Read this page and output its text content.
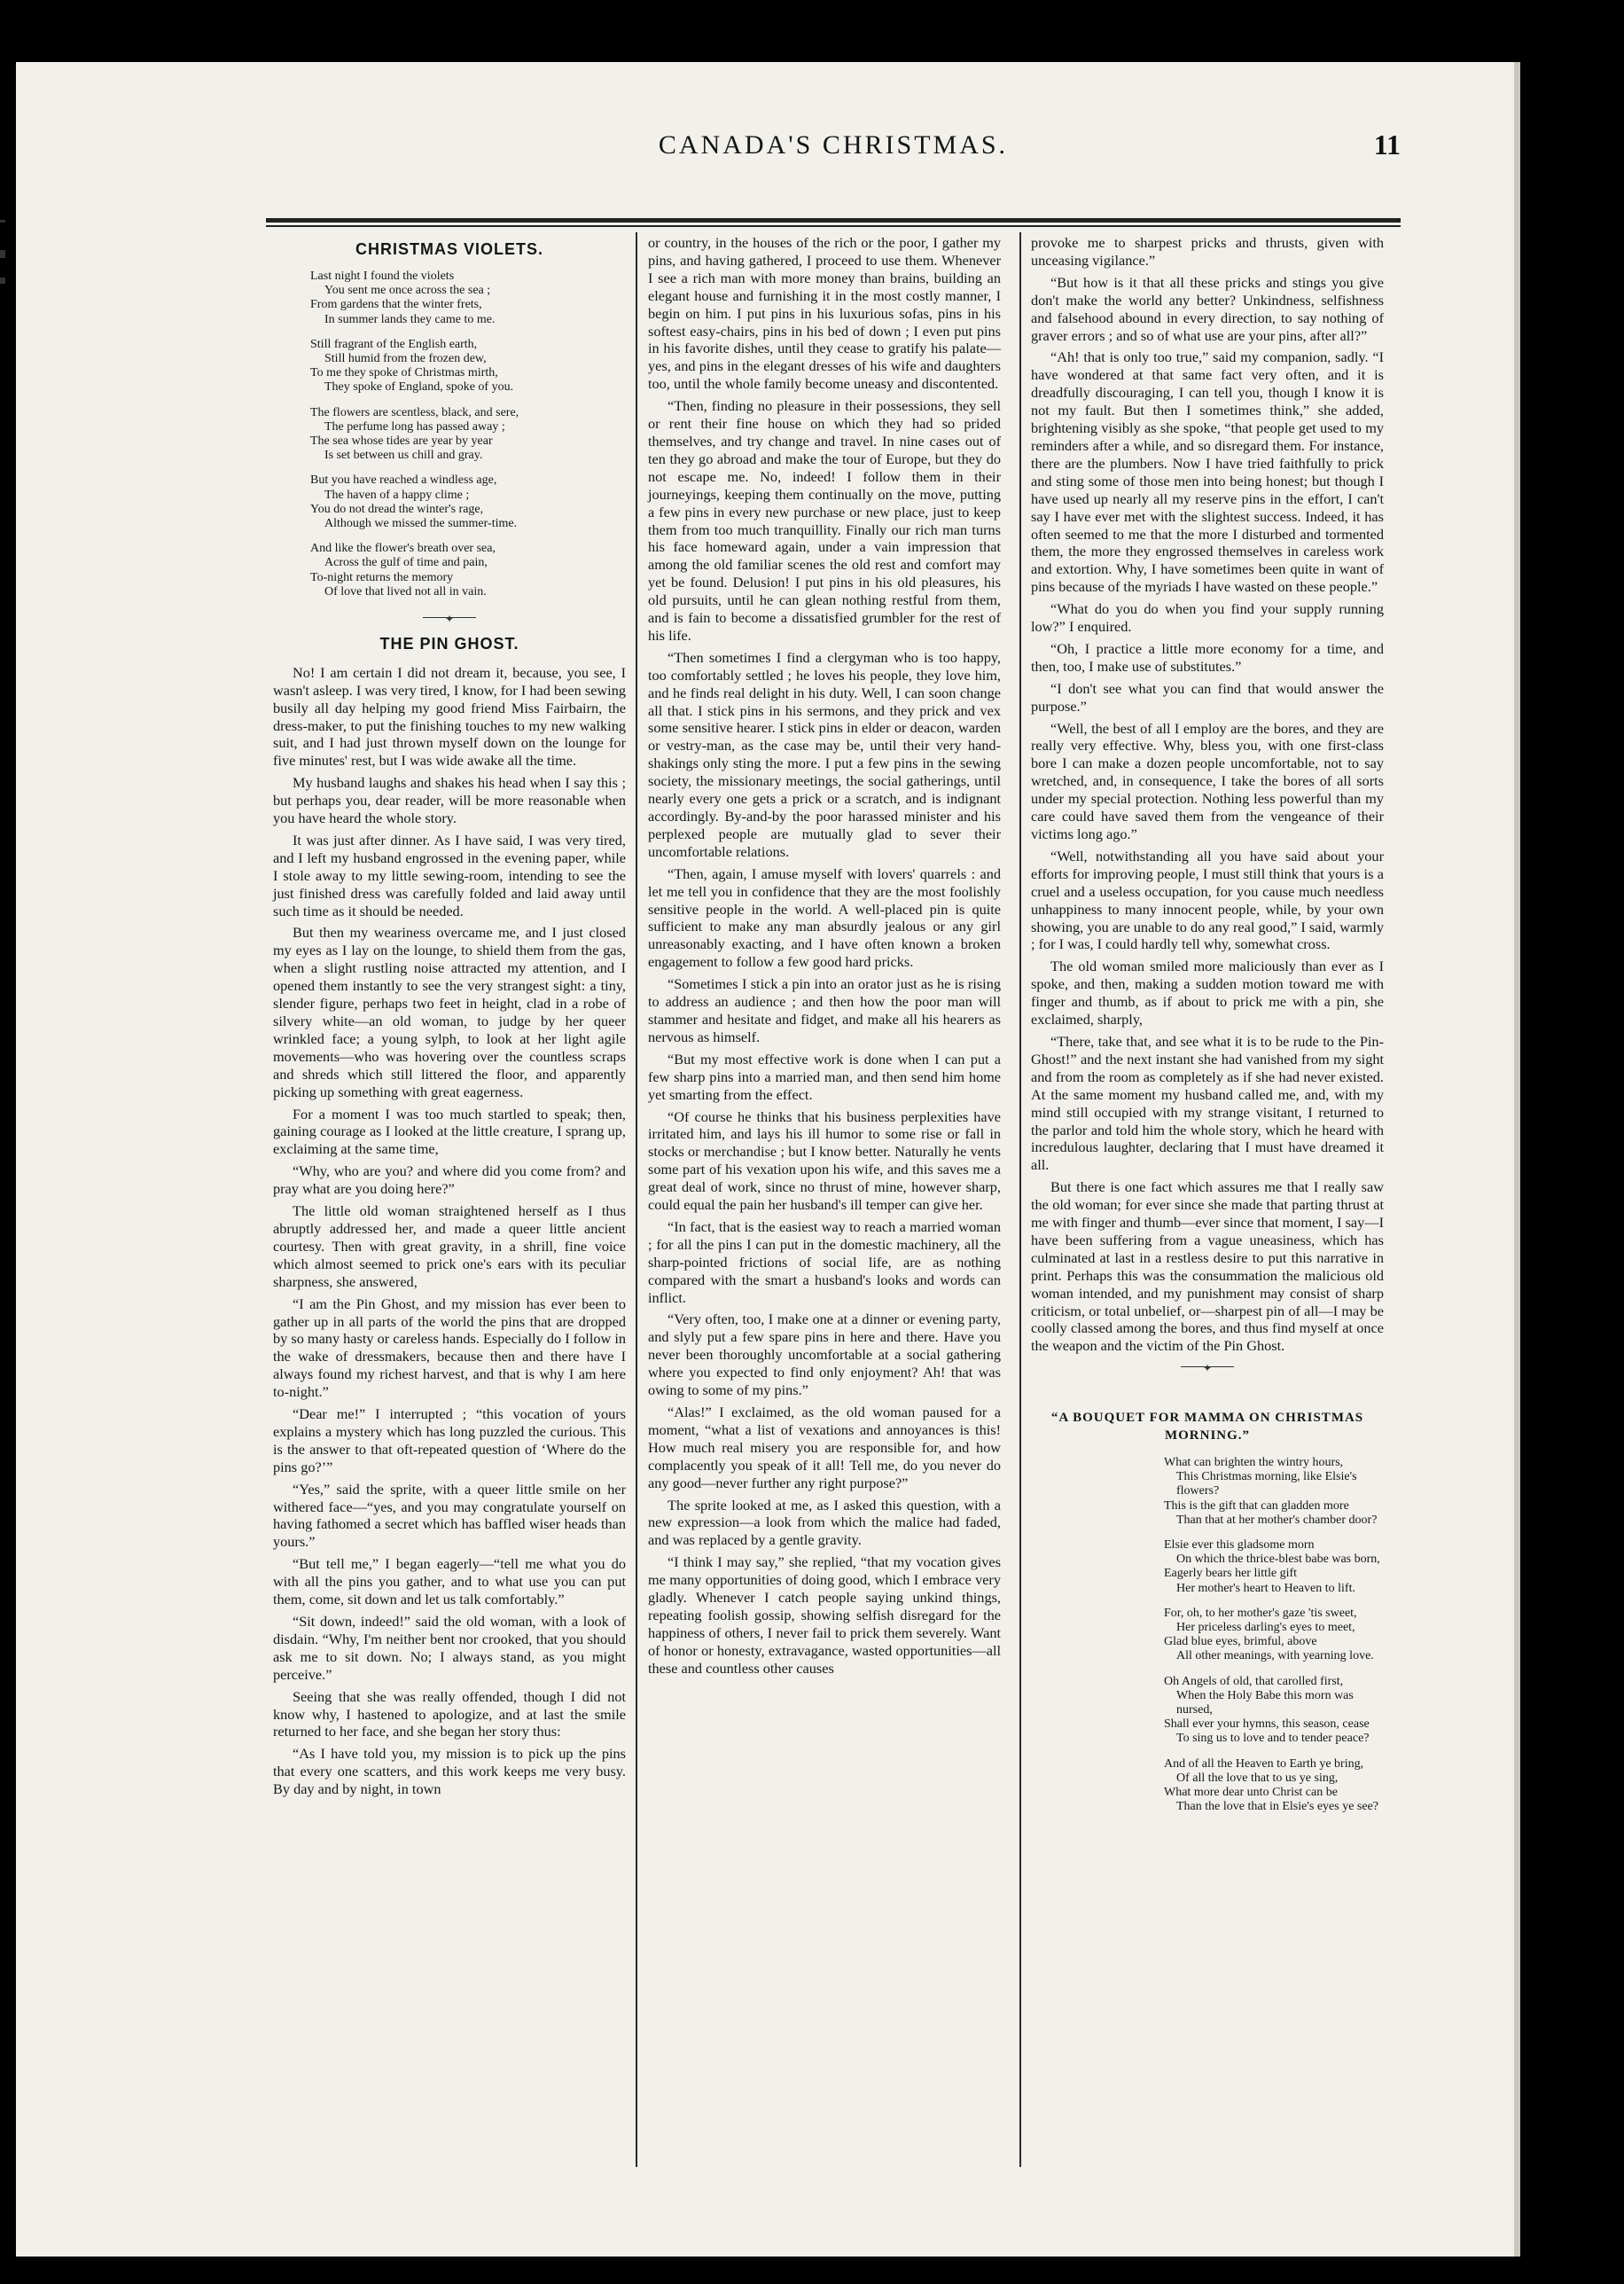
CANADA'S CHRISTMAS.	11
CHRISTMAS VIOLETS.
Last night I found the violets
You sent me once across the sea ;
From gardens that the winter frets,
In summer lands they came to me.
Still fragrant of the English earth,
Still humid from the frozen dew,
To me they spoke of Christmas mirth,
They spoke of England, spoke of you.
The flowers are scentless, black, and sere,
The perfume long has passed away ;
The sea whose tides are year by year
Is set between us chill and gray.
But you have reached a windless age,
The haven of a happy clime ;
You do not dread the winter's rage,
Although we missed the summer-time.
And like the flower's breath over sea,
Across the gulf of time and pain,
To-night returns the memory
Of love that lived not all in vain.
✦
THE PIN GHOST.

No! I am certain I did not dream it, because, you see, I wasn't asleep. I was very tired, I know, for I had been sewing busily all day helping my good friend Miss Fairbairn, the dress-maker, to put the finishing touches to my new walking suit, and I had just thrown myself down on the lounge for five minutes' rest, but I was wide awake all the time.

My husband laughs and shakes his head when I say this ; but perhaps you, dear reader, will be more reasonable when you have heard the whole story.

It was just after dinner. As I have said, I was very tired, and I left my husband engrossed in the evening paper, while I stole away to my little sewing-room, intending to see the just finished dress was carefully folded and laid away until such time as it should be needed.

But then my weariness overcame me, and I just closed my eyes as I lay on the lounge, to shield them from the gas, when a slight rustling noise attracted my attention, and I opened them instantly to see the very strangest sight: a tiny, slender figure, perhaps two feet in height, clad in a robe of silvery white—an old woman, to judge by her queer wrinkled face; a young sylph, to look at her light agile movements—who was hovering over the countless scraps and shreds which still littered the floor, and apparently picking up something with great eagerness.

For a moment I was too much startled to speak; then, gaining courage as I looked at the little creature, I sprang up, exclaiming at the same time,

“Why, who are you? and where did you come from? and pray what are you doing here?”

The little old woman straightened herself as I thus abruptly addressed her, and made a queer little ancient courtesy. Then with great gravity, in a shrill, fine voice which almost seemed to prick one's ears with its peculiar sharpness, she answered,

“I am the Pin Ghost, and my mission has ever been to gather up in all parts of the world the pins that are dropped by so many hasty or careless hands. Especially do I follow in the wake of dressmakers, because then and there have I always found my richest harvest, and that is why I am here to-night.”

“Dear me!” I interrupted ; “this vocation of yours explains a mystery which has long puzzled the curious. This is the answer to that oft-repeated question of ‘Where do the pins go?’”

“Yes,” said the sprite, with a queer little smile on her withered face—“yes, and you may congratulate yourself on having fathomed a secret which has baffled wiser heads than yours.”

“But tell me,” I began eagerly—“tell me what you do with all the pins you gather, and to what use you can put them, come, sit down and let us talk comfortably.”

“Sit down, indeed!” said the old woman, with a look of disdain. “Why, I'm neither bent nor crooked, that you should ask me to sit down. No; I always stand, as you might perceive.”

Seeing that she was really offended, though I did not know why, I hastened to apologize, and at last the smile returned to her face, and she began her story thus:

“As I have told you, my mission is to pick up the pins that every one scatters, and this work keeps me very busy. By day and by night, in town

or country, in the houses of the rich or the poor, I gather my pins, and having gathered, I proceed to use them. Whenever I see a rich man with more money than brains, building an elegant house and furnishing it in the most costly manner, I begin on him. I put pins in his luxurious sofas, pins in his softest easy-chairs, pins in his bed of down ; I even put pins in his favorite dishes, until they cease to gratify his palate—yes, and pins in the elegant dresses of his wife and daughters too, until the whole family become uneasy and discontented.

“Then, finding no pleasure in their possessions, they sell or rent their fine house on which they had so prided themselves, and try change and travel. In nine cases out of ten they go abroad and make the tour of Europe, but they do not escape me. No, indeed! I follow them in their journeyings, keeping them continually on the move, putting a few pins in every new purchase or new place, just to keep them from too much tranquillity. Finally our rich man turns his face homeward again, under a vain impression that among the old familiar scenes the old rest and comfort may yet be found. Delusion! I put pins in his old pleasures, his old pursuits, until he can glean nothing restful from them, and is fain to become a dissatisfied grumbler for the rest of his life.

“Then sometimes I find a clergyman who is too happy, too comfortably settled ; he loves his people, they love him, and he finds real delight in his duty. Well, I can soon change all that. I stick pins in his sermons, and they prick and vex some sensitive hearer. I stick pins in elder or deacon, warden or vestry-man, as the case may be, until their very hand-shakings only sting the more. I put a few pins in the sewing society, the missionary meetings, the social gatherings, until nearly every one gets a prick or a scratch, and is indignant accordingly. By-and-by the poor harassed minister and his perplexed people are mutually glad to sever their uncomfortable relations.

“Then, again, I amuse myself with lovers' quarrels : and let me tell you in confidence that they are the most foolishly sensitive people in the world. A well-placed pin is quite sufficient to make any man absurdly jealous or any girl unreasonably exacting, and I have often known a broken engagement to follow a few good hard pricks.

“Sometimes I stick a pin into an orator just as he is rising to address an audience ; and then how the poor man will stammer and hesitate and fidget, and make all his hearers as nervous as himself.

“But my most effective work is done when I can put a few sharp pins into a married man, and then send him home yet smarting from the effect.

“Of course he thinks that his business perplexities have irritated him, and lays his ill humor to some rise or fall in stocks or merchandise ; but I know better. Naturally he vents some part of his vexation upon his wife, and this saves me a great deal of work, since no thrust of mine, however sharp, could equal the pain her husband's ill temper can give her.

“In fact, that is the easiest way to reach a married woman ; for all the pins I can put in the domestic machinery, all the sharp-pointed frictions of social life, are as nothing compared with the smart a husband's looks and words can inflict.

“Very often, too, I make one at a dinner or evening party, and slyly put a few spare pins in here and there. Have you never been thoroughly uncomfortable at a social gathering where you expected to find only enjoyment? Ah! that was owing to some of my pins.”

“Alas!” I exclaimed, as the old woman paused for a moment, “what a list of vexations and annoyances is this! How much real misery you are responsible for, and how complacently you speak of it all! Tell me, do you never do any good—never further any right purpose?”

The sprite looked at me, as I asked this question, with a new expression—a look from which the malice had faded, and was replaced by a gentle gravity.

“I think I may say,” she replied, “that my vocation gives me many opportunities of doing good, which I embrace very gladly. Whenever I catch people saying unkind things, repeating foolish gossip, showing selfish disregard for the happiness of others, I never fail to prick them severely. Want of honor or honesty, extravagance, wasted opportunities—all these and countless other causes

provoke me to sharpest pricks and thrusts, given with unceasing vigilance.”

“But how is it that all these pricks and stings you give don't make the world any better? Unkindness, selfishness and falsehood abound in every direction, to say nothing of graver errors ; and so of what use are your pins, after all?”

“Ah! that is only too true,” said my companion, sadly. “I have wondered at that same fact very often, and it is dreadfully discouraging, I can tell you, though I know it is not my fault. But then I sometimes think,” she added, brightening visibly as she spoke, “that people get used to my reminders after a while, and so disregard them. For instance, there are the plumbers. Now I have tried faithfully to prick and sting some of those men into being honest; but though I have used up nearly all my reserve pins in the effort, I can't say I have ever met with the slightest success. Indeed, it has often seemed to me that the more I disturbed and tormented them, the more they engrossed themselves in careless work and extortion. Why, I have sometimes been quite in want of pins because of the myriads I have wasted on these people.”

“What do you do when you find your supply running low?” I enquired.

“Oh, I practice a little more economy for a time, and then, too, I make use of substitutes.”

“I don't see what you can find that would answer the purpose.”

“Well, the best of all I employ are the bores, and they are really very effective. Why, bless you, with one first-class bore I can make a dozen people uncomfortable, not to say wretched, and, in consequence, I take the bores of all sorts under my special protection. Nothing less powerful than my care could have saved them from the vengeance of their victims long ago.”

“Well, notwithstanding all you have said about your efforts for improving people, I must still think that yours is a cruel and a useless occupation, for you cause much needless unhappiness to many innocent people, while, by your own showing, you are unable to do any real good,” I said, warmly ; for I was, I could hardly tell why, somewhat cross.

The old woman smiled more maliciously than ever as I spoke, and then, making a sudden motion toward me with finger and thumb, as if about to prick me with a pin, she exclaimed, sharply,

“There, take that, and see what it is to be rude to the Pin-Ghost!” and the next instant she had vanished from my sight and from the room as completely as if she had never existed. At the same moment my husband called me, and, with my mind still occupied with my strange visitant, I returned to the parlor and told him the whole story, which he heard with incredulous laughter, declaring that I must have dreamed it all.

But there is one fact which assures me that I really saw the old woman; for ever since she made that parting thrust at me with finger and thumb—ever since that moment, I say—I have been suffering from a vague uneasiness, which has culminated at last in a restless desire to put this narrative in print. Perhaps this was the consummation the malicious old woman intended, and my punishment may consist of sharp criticism, or total unbelief, or—sharpest pin of all—I may be coolly classed among the bores, and thus find myself at once the weapon and the victim of the Pin Ghost.

✦
“A BOUQUET FOR MAMMA ON CHRISTMAS MORNING.”
What can brighten the wintry hours,
This Christmas morning, like Elsie's flowers?
This is the gift that can gladden more
Than that at her mother's chamber door?
Elsie ever this gladsome morn
On which the thrice-blest babe was born,
Eagerly bears her little gift
Her mother's heart to Heaven to lift.
For, oh, to her mother's gaze 'tis sweet,
Her priceless darling's eyes to meet,
Glad blue eyes, brimful, above
All other meanings, with yearning love.
Oh Angels of old, that carolled first,
When the Holy Babe this morn was nursed,
Shall ever your hymns, this season, cease
To sing us to love and to tender peace?
And of all the Heaven to Earth ye bring,
Of all the love that to us ye sing,
What more dear unto Christ can be
Than the love that in Elsie's eyes ye see?
